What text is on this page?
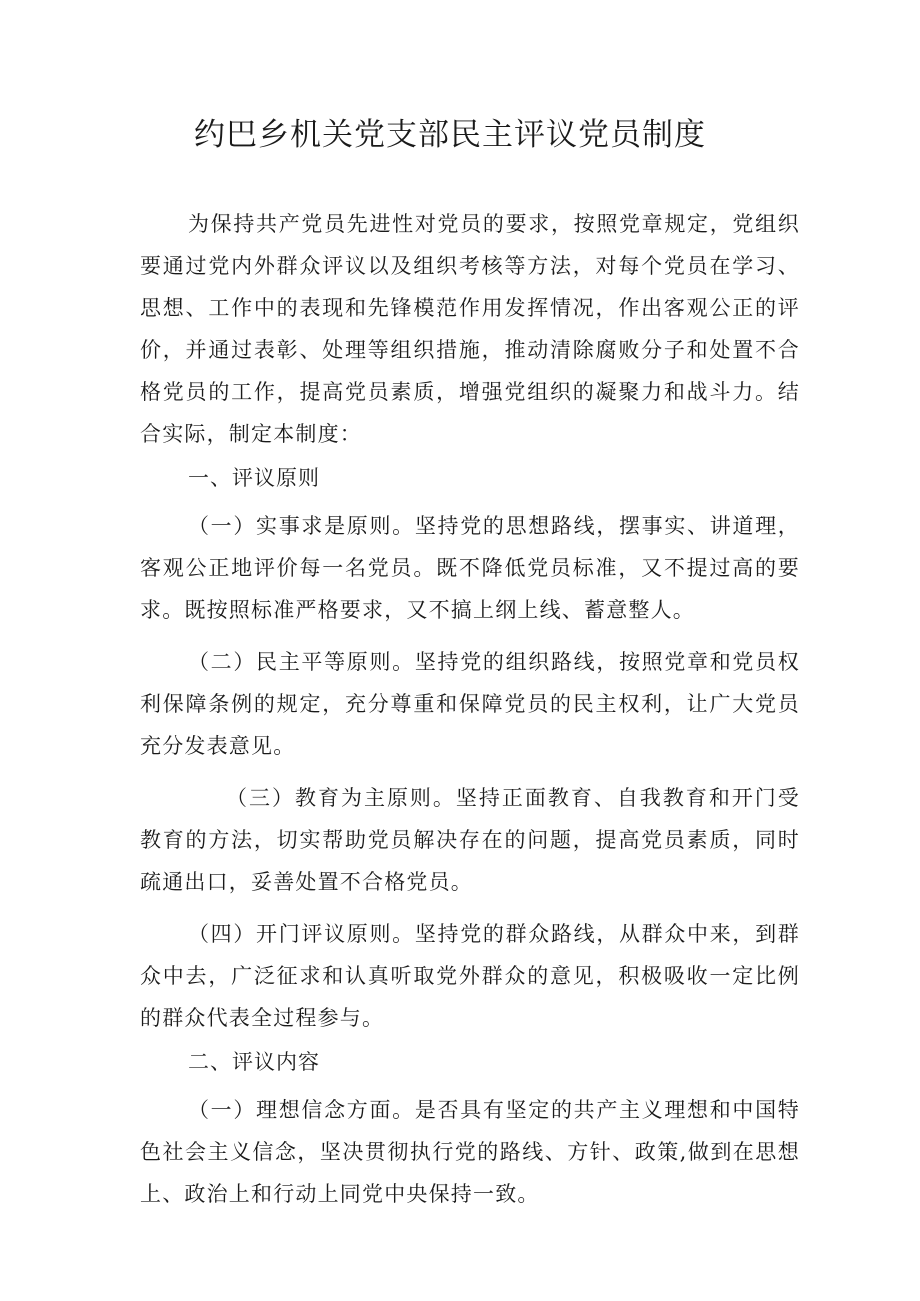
约巴乡机关党支部民主评议党员制度

为保持共产党员先进性对党员的要求，按照党章规定，党组织要通过党内外群众评议以及组织考核等方法，对每个党员在学习、思想、工作中的表现和先锋模范作用发挥情况，作出客观公正的评价，并通过表彰、处理等组织措施，推动清除腐败分子和处置不合格党员的工作，提高党员素质，增强党组织的凝聚力和战斗力。结合实际，制定本制度：

一、评议原则

（一）实事求是原则。坚持党的思想路线，摆事实、讲道理，客观公正地评价每一名党员。既不降低党员标准，又不提过高的要求。既按照标准严格要求，又不搞上纲上线、蓄意整人。

（二）民主平等原则。坚持党的组织路线，按照党章和党员权利保障条例的规定，充分尊重和保障党员的民主权利，让广大党员充分发表意见。

（三）教育为主原则。坚持正面教育、自我教育和开门受教育的方法，切实帮助党员解决存在的问题，提高党员素质，同时疏通出口，妥善处置不合格党员。

（四）开门评议原则。坚持党的群众路线，从群众中来，到群众中去，广泛征求和认真听取党外群众的意见，积极吸收一定比例的群众代表全过程参与。

二、评议内容

（一）理想信念方面。是否具有坚定的共产主义理想和中国特色社会主义信念，坚决贯彻执行党的路线、方针、政策,做到在思想上、政治上和行动上同党中央保持一致。
